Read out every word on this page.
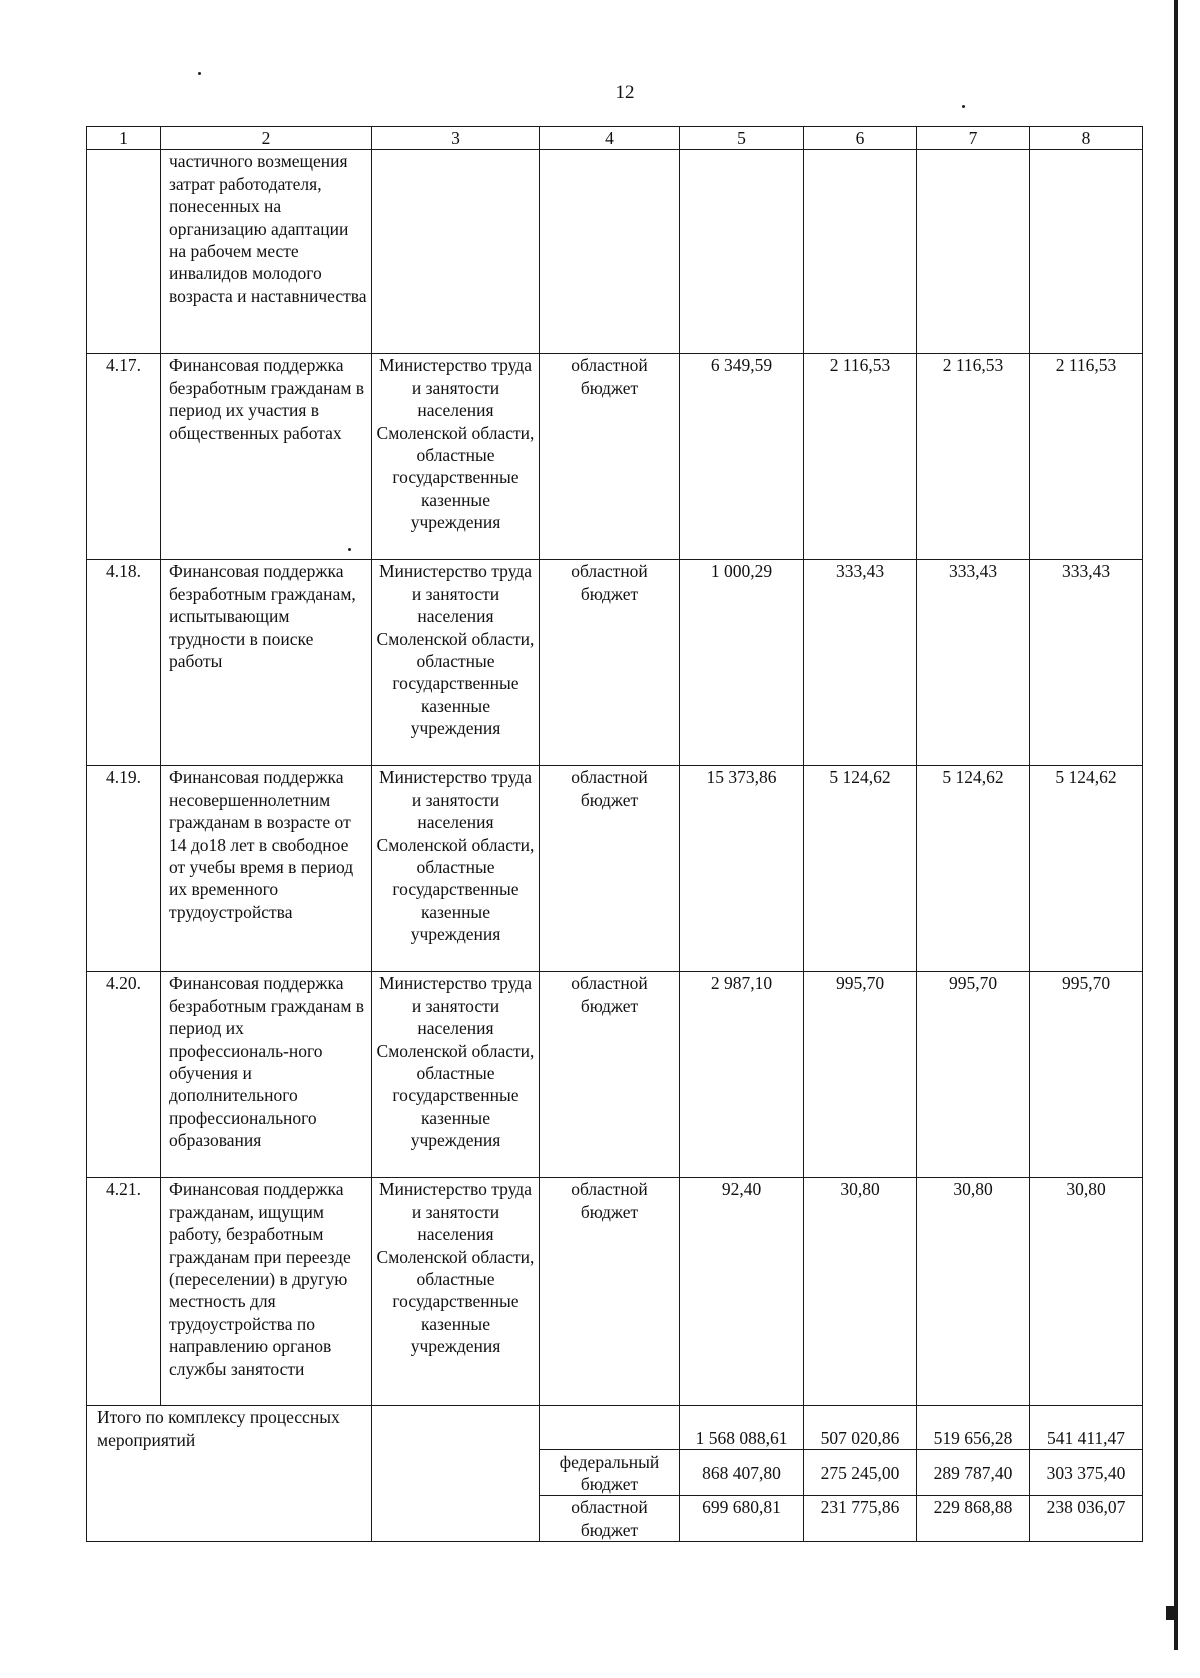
12
1	2	3	4	5	6	7	8
	частичного возмещения затрат работодателя, понесенных на организацию адаптации на рабочем месте инвалидов молодого возраста и наставничества						
4.17.	Финансовая поддержка безработным гражданам в период их участия в общественных работах	Министерство труда и занятости населения Смоленской области, областные государственные казенные учреждения	областной бюджет	6 349,59	2 116,53	2 116,53	2 116,53
4.18.	Финансовая поддержка безработным гражданам, испытывающим трудности в поиске работы	Министерство труда и занятости населения Смоленской области, областные государственные казенные учреждения	областной бюджет	1 000,29	333,43	333,43	333,43
4.19.	Финансовая поддержка несовершеннолетним гражданам в возрасте от 14 до18 лет в свободное от учебы время в период их временного трудоустройства	Министерство труда и занятости населения Смоленской области, областные государственные казенные учреждения	областной бюджет	15 373,86	5 124,62	5 124,62	5 124,62
4.20.	Финансовая поддержка безработным гражданам в период их профессиональ-ного обучения и дополнительного профессионального образования	Министерство труда и занятости населения Смоленской области, областные государственные казенные учреждения	областной бюджет	2 987,10	995,70	995,70	995,70
4.21.	Финансовая поддержка гражданам, ищущим работу, безработным гражданам при переезде (переселении) в другую местность для трудоустройства по направлению органов службы занятости	Министерство труда и занятости населения Смоленской области, областные государственные казенные учреждения	областной бюджет	92,40	30,80	30,80	30,80
Итого по комплексу процессных мероприятий				1 568 088,61	507 020,86	519 656,28	541 411,47
			федеральный бюджет	868 407,80	275 245,00	289 787,40	303 375,40
			областной бюджет	699 680,81	231 775,86	229 868,88	238 036,07
